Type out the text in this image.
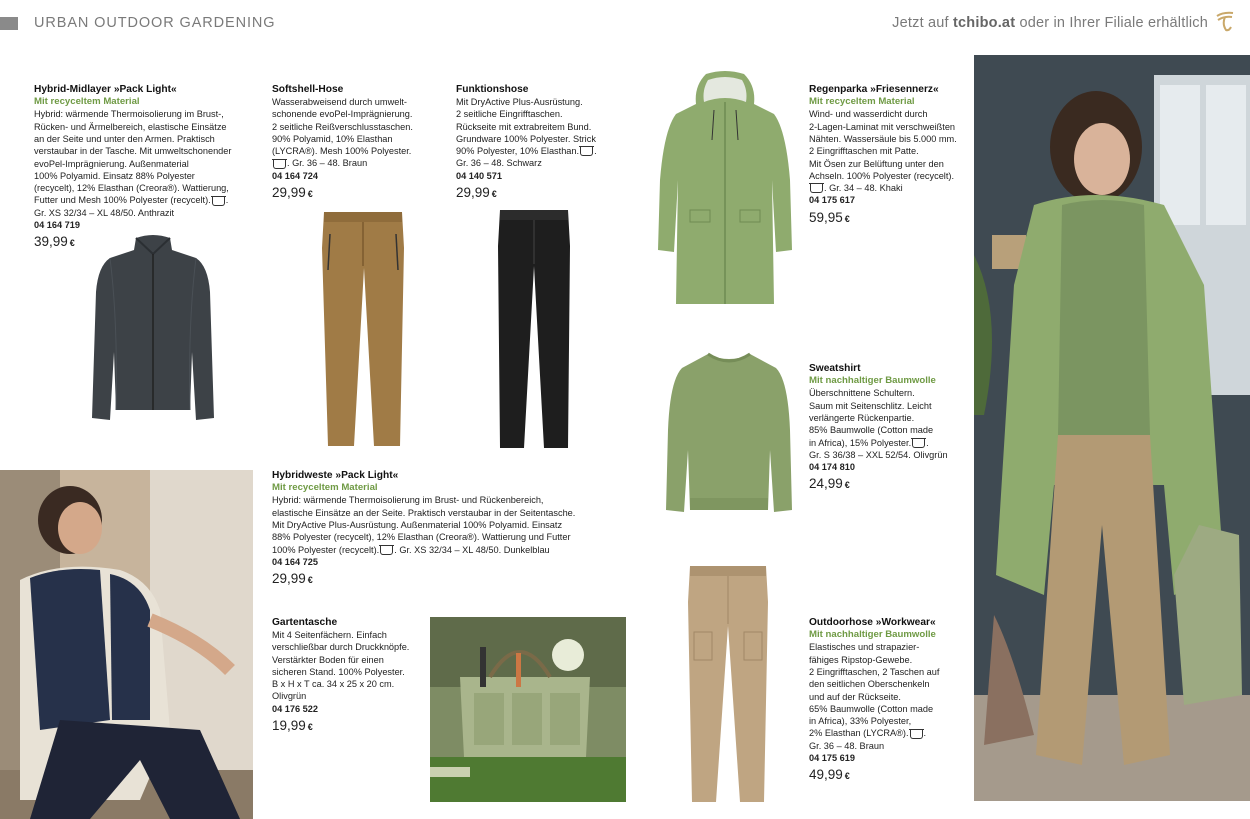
URBAN OUTDOOR GARDENING	Jetzt auf tchibo.at oder in Ihrer Filiale erhältlich
Hybrid-Midlayer »Pack Light«
Mit recyceltem Material
Hybrid: wärmende Thermoisolierung im Brust-,
Rücken- und Ärmelbereich, elastische Einsätze
an der Seite und unter den Armen. Praktisch
verstaubar in der Tasche. Mit umweltschonender
evoPel-Imprägnierung. Außenmaterial
100% Polyamid. Einsatz 88% Polyester
(recycelt), 12% Elasthan (Creora®). Wattierung,
Futter und Mesh 100% Polyester (recycelt). .
Gr. XS 32/34 – XL 48/50. Anthrazit
04 164 719
39,99 €
Softshell-Hose
Wasserabweisend durch umwelt-
schonende evoPel-Imprägnierung.
2 seitliche Reißverschlusstaschen.
90% Polyamid, 10% Elasthan
(LYCRA®). Mesh 100% Polyester.
. Gr. 36 – 48. Braun
04 164 724
29,99 €
Funktionshose
Mit DryActive Plus-Ausrüstung.
2 seitliche Eingrifftaschen.
Rückseite mit extrabreitem Bund.
Grundware 100% Polyester. Strick
90% Polyester, 10% Elasthan. .
Gr. 36 – 48. Schwarz
04 140 571
29,99 €
Regenparka »Friesennerz«
Mit recyceltem Material
Wind- und wasserdicht durch
2-Lagen-Laminat mit verschweißten
Nähten. Wassersäule bis 5.000 mm.
2 Eingrifftaschen mit Patte.
Mit Ösen zur Belüftung unter den
Achseln. 100% Polyester (recycelt).
. Gr. 34 – 48. Khaki
04 175 617
59,95 €
Sweatshirt
Mit nachhaltiger Baumwolle
Überschnittene Schultern.
Saum mit Seitenschlitz. Leicht
verlängerte Rückenpartie.
85% Baumwolle (Cotton made
in Africa), 15% Polyester. .
Gr. S 36/38 – XXL 52/54. Olivgrün
04 174 810
24,99 €
Hybridweste »Pack Light«
Mit recyceltem Material
Hybrid: wärmende Thermoisolierung im Brust- und Rückenbereich,
elastische Einsätze an der Seite. Praktisch verstaubar in der Seitentasche.
Mit DryActive Plus-Ausrüstung. Außenmaterial 100% Polyamid. Einsatz
88% Polyester (recycelt), 12% Elasthan (Creora®). Wattierung und Futter
100% Polyester (recycelt). . Gr. XS 32/34 – XL 48/50. Dunkelblau
04 164 725
29,99 €
Gartentasche
Mit 4 Seitenfächern. Einfach
verschließbar durch Druckknöpfe.
Verstärkter Boden für einen
sicheren Stand. 100% Polyester.
B x H x T ca. 34 x 25 x 20 cm.
Olivgrün
04 176 522
19,99 €
Outdoorhose »Workwear«
Mit nachhaltiger Baumwolle
Elastisches und strapazier-
fähiges Ripstop-Gewebe.
2 Eingrifftaschen, 2 Taschen auf
den seitlichen Oberschenkeln
und auf der Rückseite.
65% Baumwolle (Cotton made
in Africa), 33% Polyester,
2% Elasthan (LYCRA®). .
Gr. 36 – 48. Braun
04 175 619
49,99 €
